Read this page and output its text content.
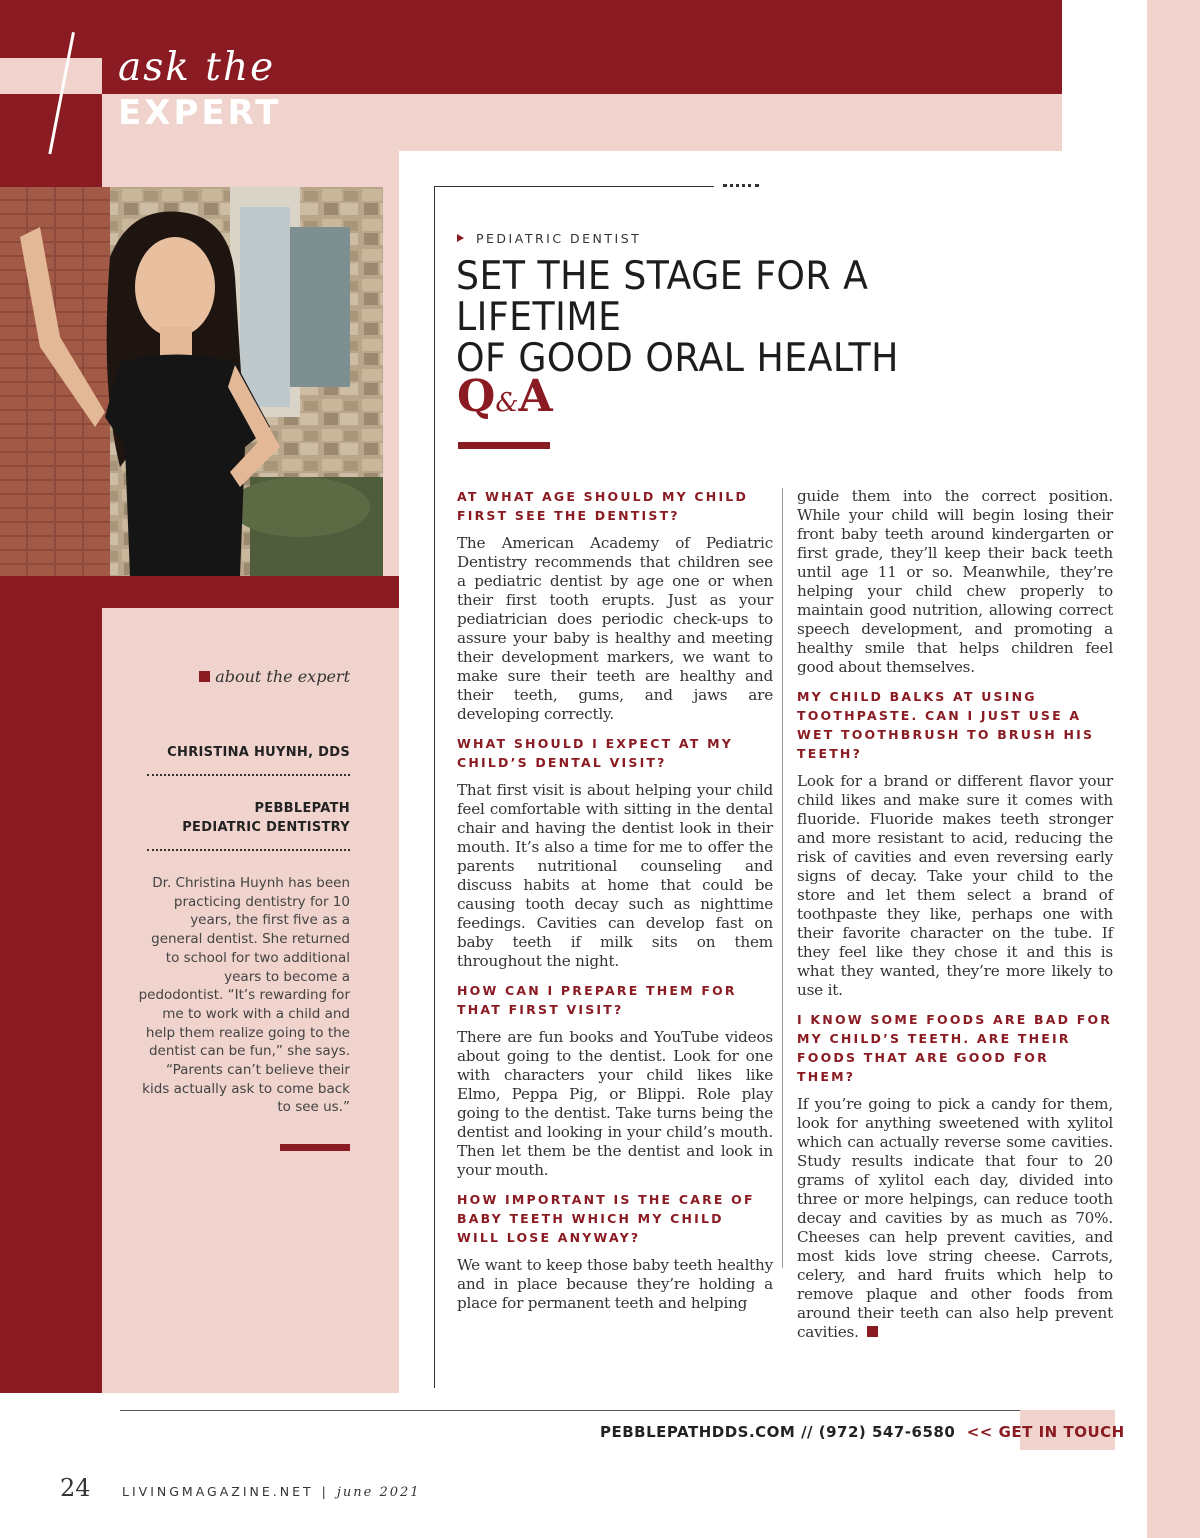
ask the
EXPERT
about the expert
CHRISTINA HUYNH, DDS
PEBBLEPATH
PEDIATRIC DENTISTRY
Dr. Christina Huynh has been practicing dentistry for 10 years, the first five as a general dentist. She returned to school for two additional years to become a pedodontist. “It’s rewarding for me to work with a child and help them realize going to the dentist can be fun,” she says. “Parents can’t believe their kids actually ask to come back to see us.”
PEDIATRIC DENTIST
SET THE STAGE FOR A LIFETIME
OF GOOD ORAL HEALTH
Q&A
AT WHAT AGE SHOULD MY CHILD FIRST SEE THE DENTIST?
The American Academy of Pediatric Dentistry recommends that children see a pediatric dentist by age one or when their first tooth erupts. Just as your pediatrician does periodic check-ups to assure your baby is healthy and meeting their development markers, we want to make sure their teeth are healthy and their teeth, gums, and jaws are developing correctly.
WHAT SHOULD I EXPECT AT MY CHILD’S DENTAL VISIT?
That first visit is about helping your child feel comfortable with sitting in the dental chair and having the dentist look in their mouth. It’s also a time for me to offer the parents nutritional counseling and discuss habits at home that could be causing tooth decay such as nighttime feedings. Cavities can develop fast on baby teeth if milk sits on them throughout the night.
HOW CAN I PREPARE THEM FOR THAT FIRST VISIT?
There are fun books and YouTube videos about going to the dentist. Look for one with characters your child likes like Elmo, Peppa Pig, or Blippi. Role play going to the dentist. Take turns being the dentist and looking in your child’s mouth. Then let them be the dentist and look in your mouth.
HOW IMPORTANT IS THE CARE OF BABY TEETH WHICH MY CHILD WILL LOSE ANYWAY?
We want to keep those baby teeth healthy and in place because they’re holding a place for permanent teeth and helping
guide them into the correct position. While your child will begin losing their front baby teeth around kindergarten or first grade, they’ll keep their back teeth until age 11 or so. Meanwhile, they’re helping your child chew properly to maintain good nutrition, allowing correct speech development, and promoting a healthy smile that helps children feel good about themselves.
MY CHILD BALKS AT USING TOOTHPASTE. CAN I JUST USE A WET TOOTHBRUSH TO BRUSH HIS TEETH?
Look for a brand or different flavor your child likes and make sure it comes with fluoride. Fluoride makes teeth stronger and more resistant to acid, reducing the risk of cavities and even reversing early signs of decay. Take your child to the store and let them select a brand of toothpaste they like, perhaps one with their favorite character on the tube. If they feel like they chose it and this is what they wanted, they’re more likely to use it.
I KNOW SOME FOODS ARE BAD FOR MY CHILD’S TEETH. ARE THEIR FOODS THAT ARE GOOD FOR THEM?
If you’re going to pick a candy for them, look for anything sweetened with xylitol which can actually reverse some cavities. Study results indicate that four to 20 grams of xylitol each day, divided into three or more helpings, can reduce tooth decay and cavities by as much as 70%. Cheeses can help prevent cavities, and most kids love string cheese. Carrots, celery, and hard fruits which help to remove plaque and other foods from around their teeth can also help prevent cavities.
PEBBLEPATHDDS.COM // (972) 547-6580 << GET IN TOUCH
24	LIVINGMAGAZINE.NET | june 2021
